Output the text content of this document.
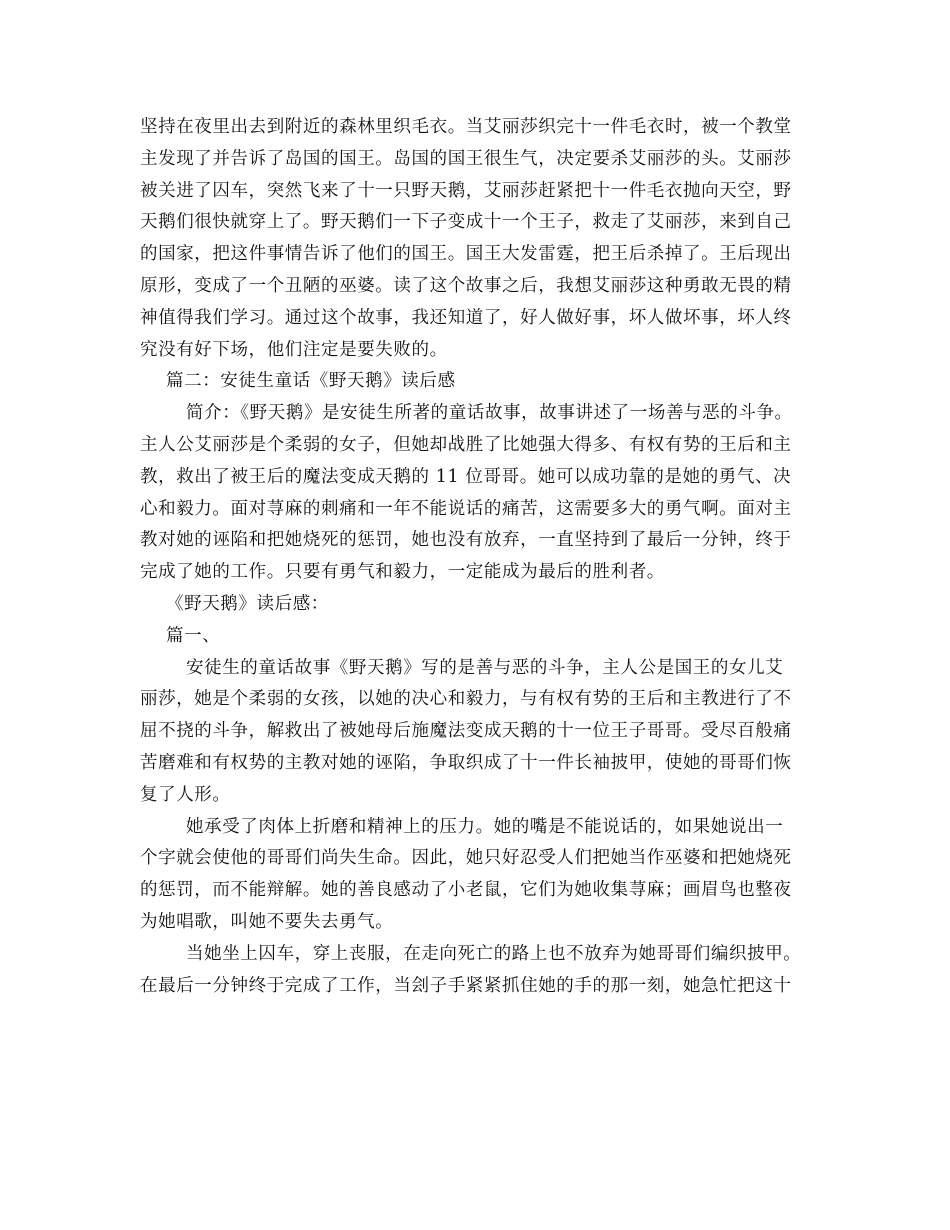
坚持在夜里出去到附近的森林里织毛衣。当艾丽莎织完十一件毛衣时，被一个教堂
主发现了并告诉了岛国的国王。岛国的国王很生气，决定要杀艾丽莎的头。艾丽莎
被关进了囚车，突然飞来了十一只野天鹅，艾丽莎赶紧把十一件毛衣抛向天空，野
天鹅们很快就穿上了。野天鹅们一下子变成十一个王子，救走了艾丽莎，来到自己
的国家，把这件事情告诉了他们的国王。国王大发雷霆，把王后杀掉了。王后现出
原形，变成了一个丑陋的巫婆。读了这个故事之后，我想艾丽莎这种勇敢无畏的精
神值得我们学习。通过这个故事，我还知道了，好人做好事，坏人做坏事，坏人终
究没有好下场，他们注定是要失败的。
篇二：安徒生童话《野天鹅》读后感
简介：《野天鹅》是安徒生所著的童话故事，故事讲述了一场善与恶的斗争。
主人公艾丽莎是个柔弱的女子，但她却战胜了比她强大得多、有权有势的王后和主
教，救出了被王后的魔法变成天鹅的 11 位哥哥。她可以成功靠的是她的勇气、决
心和毅力。面对荨麻的刺痛和一年不能说话的痛苦，这需要多大的勇气啊。面对主
教对她的诬陷和把她烧死的惩罚，她也没有放弃，一直坚持到了最后一分钟，终于
完成了她的工作。只要有勇气和毅力，一定能成为最后的胜利者。
《野天鹅》读后感：
篇一、
安徒生的童话故事《野天鹅》写的是善与恶的斗争，主人公是国王的女儿艾
丽莎，她是个柔弱的女孩，以她的决心和毅力，与有权有势的王后和主教进行了不
屈不挠的斗争，解救出了被她母后施魔法变成天鹅的十一位王子哥哥。受尽百般痛
苦磨难和有权势的主教对她的诬陷，争取织成了十一件长袖披甲，使她的哥哥们恢
复了人形。
她承受了肉体上折磨和精神上的压力。她的嘴是不能说话的，如果她说出一
个字就会使他的哥哥们尚失生命。因此，她只好忍受人们把她当作巫婆和把她烧死
的惩罚，而不能辩解。她的善良感动了小老鼠，它们为她收集荨麻；画眉鸟也整夜
为她唱歌，叫她不要失去勇气。
当她坐上囚车，穿上丧服，在走向死亡的路上也不放弃为她哥哥们编织披甲。
在最后一分钟终于完成了工作，当刽子手紧紧抓住她的手的那一刻，她急忙把这十
